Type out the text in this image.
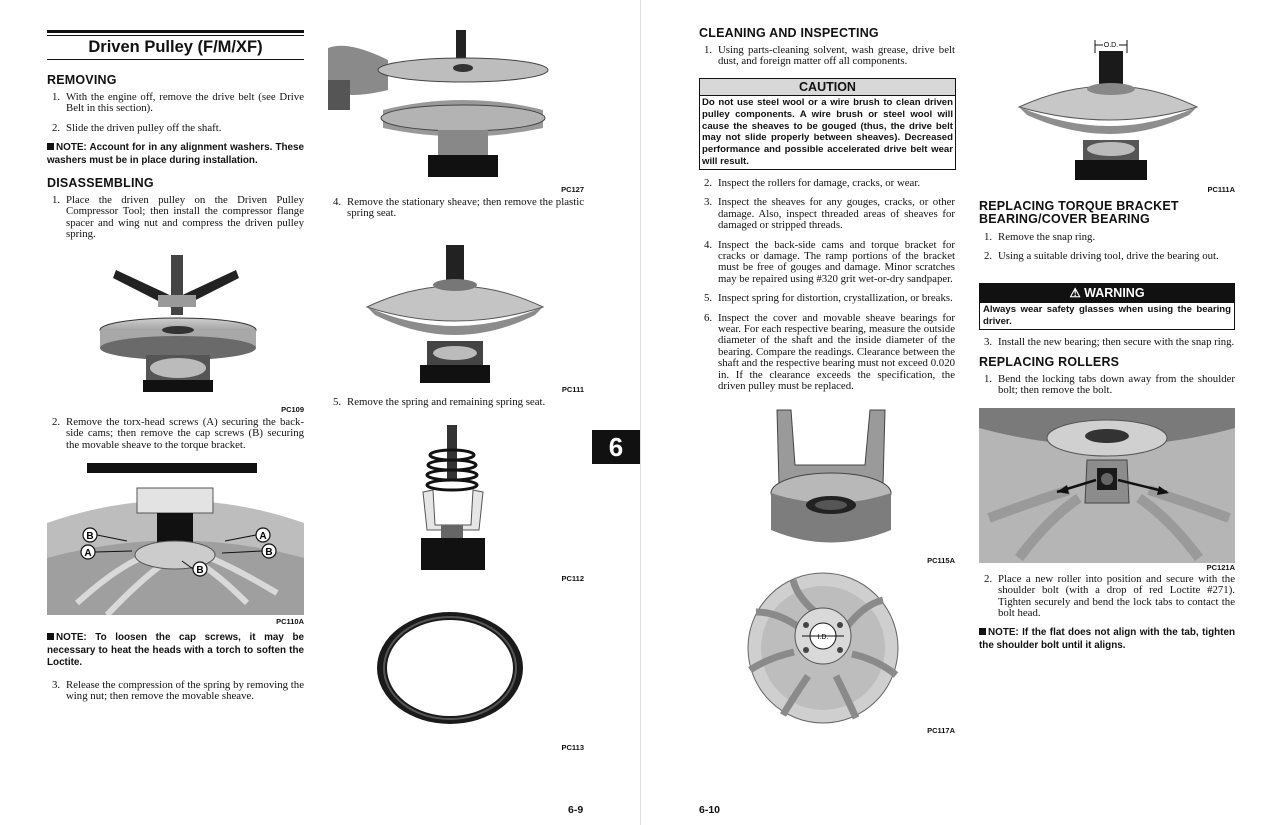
Driven Pulley (F/M/XF)
REMOVING
1. With the engine off, remove the drive belt (see Drive Belt in this section).
2. Slide the driven pulley off the shaft.

NOTE: Account for in any alignment washers. These washers must be in place during installation.

DISASSEMBLING
1. Place the driven pulley on the Driven Pulley Compressor Tool; then install the compressor flange spacer and wing nut and compress the driven pulley spring.
PC109
2. Remove the torx-head screws (A) securing the back-side cams; then remove the cap screws (B) securing the movable sheave to the torque bracket.
B
A
A
B
B
PC110A

NOTE: To loosen the cap screws, it may be necessary to heat the heads with a torch to soften the Loctite.

3. Release the compression of the spring by removing the wing nut; then remove the movable sheave.
PC127
4. Remove the stationary sheave; then remove the plastic spring seat.
PC111
5. Remove the spring and remaining spring seat.
PC112
PC113
6
6-9
CLEANING AND INSPECTING
1. Using parts-cleaning solvent, wash grease, drive belt dust, and foreign matter off all components.
CAUTION
Do not use steel wool or a wire brush to clean driven pulley components. A wire brush or steel wool will cause the sheaves to be gouged (thus, the drive belt may not slide properly between sheaves). Decreased performance and possible accelerated drive belt wear will result.
2. Inspect the rollers for damage, cracks, or wear.
3. Inspect the sheaves for any gouges, cracks, or other damage. Also, inspect threaded areas of sheaves for damaged or stripped threads.
4. Inspect the back-side cams and torque bracket for cracks or damage. The ramp portions of the bracket must be free of gouges and damage. Minor scratches may be repaired using #320 grit wet-or-dry sandpaper.
5. Inspect spring for distortion, crystallization, or breaks.
6. Inspect the cover and movable sheave bearings for wear. For each respective bearing, measure the outside diameter of the shaft and the inside diameter of the bearing. Compare the readings. Clearance between the shaft and the respective bearing must not exceed 0.020 in. If the clearance exceeds the specification, the driven pulley must be replaced.
PC115A
I.D.
PC117A
6-10
O.D.
PC111A
REPLACING TORQUE BRACKET
BEARING/COVER BEARING
1. Remove the snap ring.
2. Using a suitable driving tool, drive the bearing out.
⚠ WARNING
Always wear safety glasses when using the bearing driver.
3. Install the new bearing; then secure with the snap ring.
REPLACING ROLLERS
1. Bend the locking tabs down away from the shoulder bolt; then remove the bolt.
PC121A
2. Place a new roller into position and secure with the shoulder bolt (with a drop of red Loctite #271). Tighten securely and bend the lock tabs to contact the bolt head.

NOTE: If the flat does not align with the tab, tighten the shoulder bolt until it aligns.
